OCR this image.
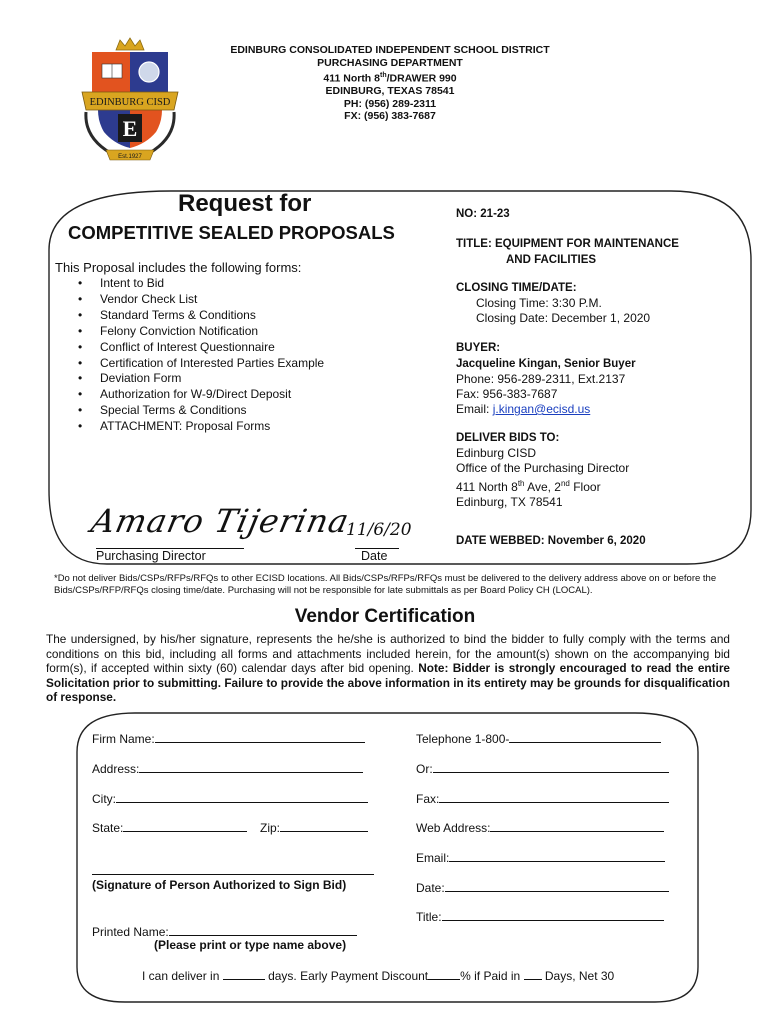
EDINBURG CISD
E
Est.1927
EDINBURG CONSOLIDATED INDEPENDENT SCHOOL DISTRICT
PURCHASING DEPARTMENT
411 North 8th/DRAWER 990
EDINBURG, TEXAS 78541
PH: (956) 289-2311
FX: (956) 383-7687
Request for
COMPETITIVE SEALED PROPOSALS
This Proposal includes the following forms:
• Intent to Bid
• Vendor Check List
• Standard Terms & Conditions
• Felony Conviction Notification
• Conflict of Interest Questionnaire
• Certification of Interested Parties Example
• Deviation Form
• Authorization for W-9/Direct Deposit
• Special Terms & Conditions
• ATTACHMENT: Proposal Forms
NO: 21-23
TITLE: EQUIPMENT FOR MAINTENANCE
AND FACILITIES
CLOSING TIME/DATE:
Closing Time: 3:30 P.M.
Closing Date: December 1, 2020
BUYER:
Jacqueline Kingan, Senior Buyer
Phone: 956-289-2311, Ext.2137
Fax: 956-383-7687
Email: j.kingan@ecisd.us
DELIVER BIDS TO:
Edinburg CISD
Office of the Purchasing Director
411 North 8th Ave, 2nd Floor
Edinburg, TX 78541
DATE WEBBED: November 6, 2020
Amaro Tijerina
11/6/20
Purchasing Director	Date
*Do not deliver Bids/CSPs/RFPs/RFQs to other ECISD locations. All Bids/CSPs/RFPs/RFQs must be delivered to the delivery address above on or before the Bids/CSPs/RFP/RFQs closing time/date. Purchasing will not be responsible for late submittals as per Board Policy CH (LOCAL).
Vendor Certification
The undersigned, by his/her signature, represents the he/she is authorized to bind the bidder to fully comply with the terms and conditions on this bid, including all forms and attachments included herein, for the amount(s) shown on the accompanying bid form(s), if accepted within sixty (60) calendar days after bid opening. Note: Bidder is strongly encouraged to read the entire Solicitation prior to submitting. Failure to provide the above information in its entirety may be grounds for disqualification of response.
Firm Name:
Address:
City:
State:	Zip:
(Signature of Person Authorized to Sign Bid)
Printed Name:
(Please print or type name above)
Telephone 1-800-
Or:
Fax:
Web Address:
Email:
Date:
Title:
I can deliver in	days. Early Payment Discount	% if Paid in Days, Net 30
